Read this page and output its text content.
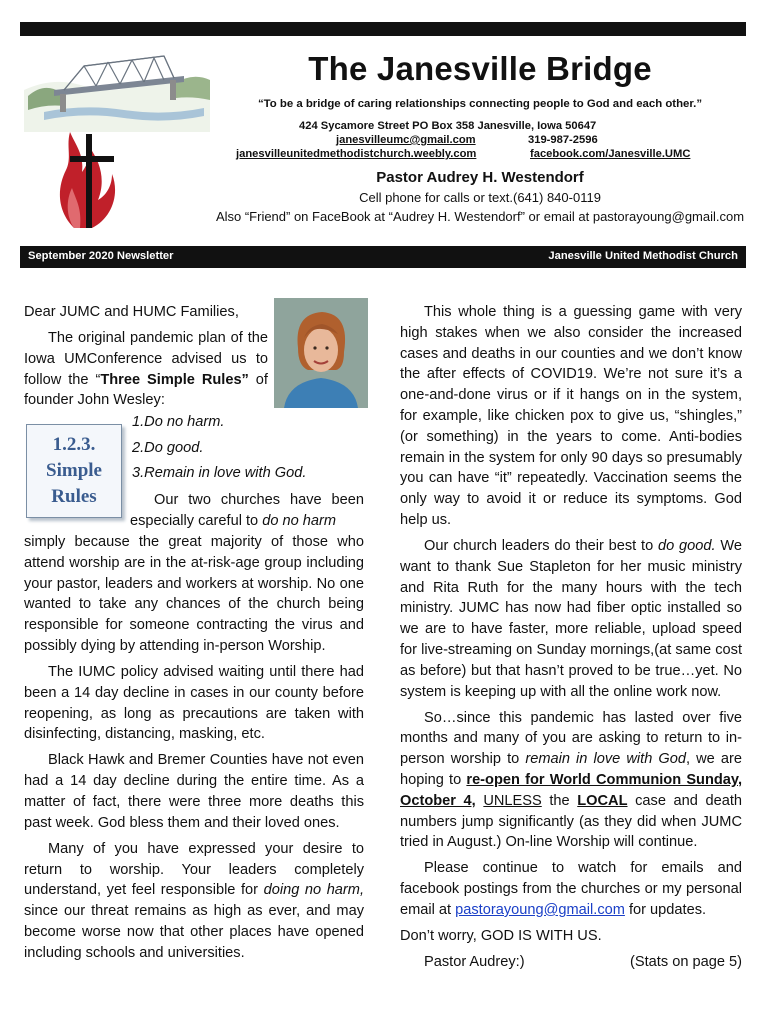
The Janesville Bridge
“To be a bridge of caring relationships connecting people to God and each other.”
424 Sycamore Street PO Box 358 Janesville, Iowa 50647
janesvilleumc@gmail.com	319-987-2596
janesvilleunitedmethodistchurch.weebly.com	facebook.com/Janesville.UMC
Pastor Audrey H. Westendorf
Cell phone for calls or text.(641) 840-0119
Also “Friend” on FaceBook at “Audrey H. Westendorf” or email at pastorayoung@gmail.com
September 2020 Newsletter	Janesville United Methodist Church

Dear JUMC and HUMC Families,

The original pandemic plan of the Iowa UMConference advised us to follow the “Three Simple Rules” of founder John Wesley:

1.2.3.
Simple
Rules
1.Do no harm.
2.Do good.
3.Remain in love with God.

Our two churches have been especially careful to do no harm

simply because the great majority of those who attend worship are in the at-risk-age group including your pastor, leaders and workers at worship. No one wanted to take any chances of the church being responsible for someone contracting the virus and possibly dying by attending in-person Worship.

The IUMC policy advised waiting until there had been a 14 day decline in cases in our county before reopening, as long as precautions are taken with disinfecting, distancing, masking, etc.

Black Hawk and Bremer Counties have not even had a 14 day decline during the entire time. As a matter of fact, there were three more deaths this past week. God bless them and their loved ones.

Many of you have expressed your desire to return to worship. Your leaders completely understand, yet feel responsible for doing no harm, since our threat remains as high as ever, and may become worse now that other places have opened including schools and universities.

This whole thing is a guessing game with very high stakes when we also consider the increased cases and deaths in our counties and we don’t know the after effects of COVID19. We’re not sure it’s a one-and-done virus or if it hangs on in the system, for example, like chicken pox to give us, “shingles,” (or something) in the years to come. Anti-bodies remain in the system for only 90 days so presumably you can have “it” repeatedly. Vaccination seems the only way to avoid it or reduce its symptoms. God help us.

Our church leaders do their best to do good. We want to thank Sue Stapleton for her music ministry and Rita Ruth for the many hours with the tech ministry. JUMC has now had fiber optic installed so we are to have faster, more reliable, upload speed for live-streaming on Sunday mornings,(at same cost as before) but that hasn’t proved to be true…yet. No system is keeping up with all the online work now.

So…since this pandemic has lasted over five months and many of you are asking to return to in-person worship to remain in love with God, we are hoping to re-open for World Communion Sunday, October 4, UNLESS the LOCAL case and death numbers jump significantly (as they did when JUMC tried in August.) On-line Worship will continue.

Please continue to watch for emails and facebook postings from the churches or my personal email at pastorayoung@gmail.com for updates.

Don’t worry, GOD IS WITH US.

Pastor Audrey:)	(Stats on page 5)
